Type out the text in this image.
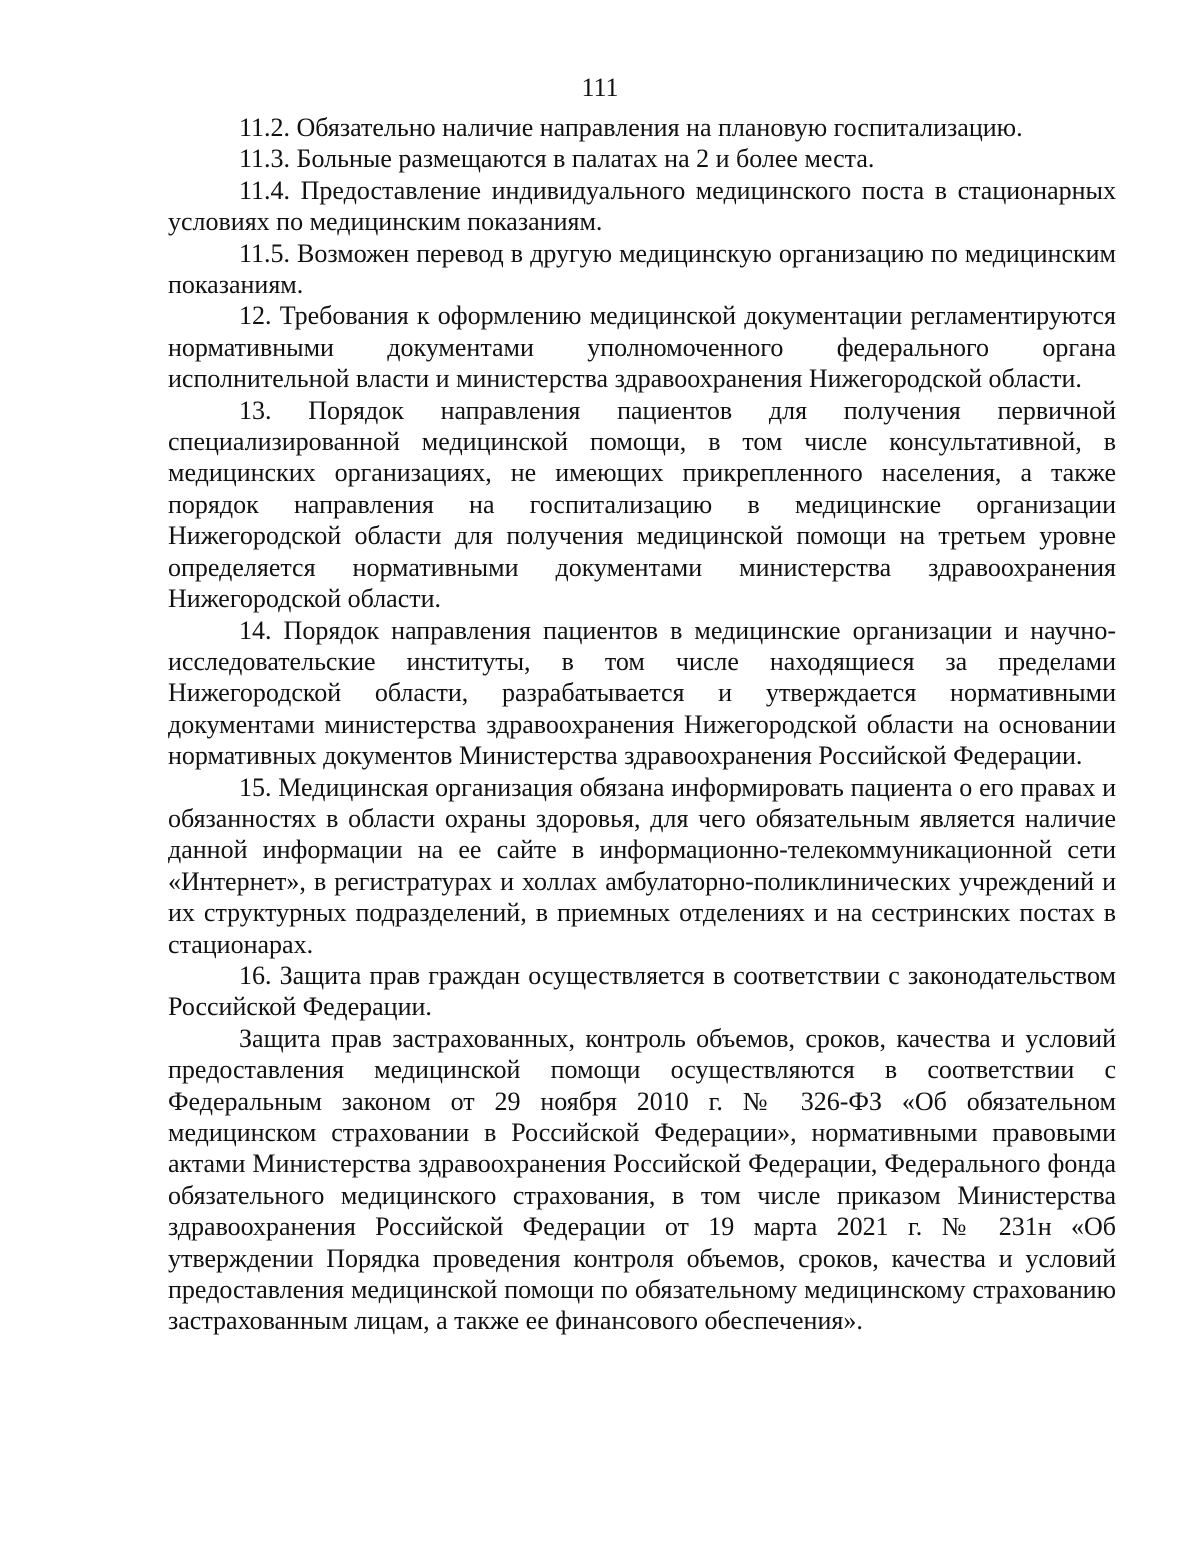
111

11.2. Обязательно наличие направления на плановую госпитализацию.

11.3. Больные размещаются в палатах на 2 и более места.

11.4. Предоставление индивидуального медицинского поста в стационарных условиях по медицинским показаниям.

11.5. Возможен перевод в другую медицинскую организацию по медицинским показаниям.

12. Требования к оформлению медицинской документации регламентируются нормативными документами уполномоченного федерального органа исполнительной власти и министерства здравоохранения Нижегородской области.

13. Порядок направления пациентов для получения первичной специализированной медицинской помощи, в том числе консультативной, в медицинских организациях, не имеющих прикрепленного населения, а также порядок направления на госпитализацию в медицинские организации Нижегородской области для получения медицинской помощи на третьем уровне определяется нормативными документами министерства здравоохранения Нижегородской области.

14. Порядок направления пациентов в медицинские организации и научно-исследовательские институты, в том числе находящиеся за пределами Нижегородской области, разрабатывается и утверждается нормативными документами министерства здравоохранения Нижегородской области на основании нормативных документов Министерства здравоохранения Российской Федерации.

15. Медицинская организация обязана информировать пациента о его правах и обязанностях в области охраны здоровья, для чего обязательным является наличие данной информации на ее сайте в информационно-телекоммуникационной сети «Интернет», в регистратурах и холлах амбулаторно-поликлинических учреждений и их структурных подразделений, в приемных отделениях и на сестринских постах в стационарах.

16. Защита прав граждан осуществляется в соответствии с законодательством Российской Федерации.

Защита прав застрахованных, контроль объемов, сроков, качества и условий предоставления медицинской помощи осуществляются в соответствии с Федеральным законом от 29 ноября 2010 г. № 326-ФЗ «Об обязательном медицинском страховании в Российской Федерации», нормативными правовыми актами Министерства здравоохранения Российской Федерации, Федерального фонда обязательного медицинского страхования, в том числе приказом Министерства здравоохранения Российской Федерации от 19 марта 2021 г. № 231н «Об утверждении Порядка проведения контроля объемов, сроков, качества и условий предоставления медицинской помощи по обязательному медицинскому страхованию застрахованным лицам, а также ее финансового обеспечения».
